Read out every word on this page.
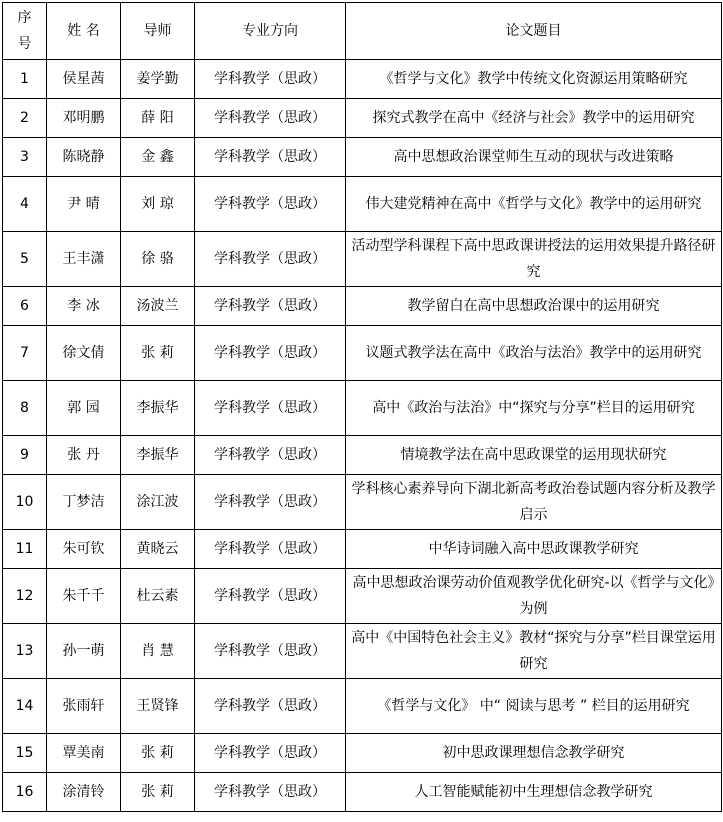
序号	姓 名	导师	专业方向	论文题目
1	侯星茜	姜学勤	学科教学（思政）	《哲学与文化》教学中传统文化资源运用策略研究
2	邓明鹏	薛 阳	学科教学（思政）	探究式教学在高中《经济与社会》教学中的运用研究
3	陈晓静	金 鑫	学科教学（思政）	高中思想政治课堂师生互动的现状与改进策略
4	尹 晴	刘 琼	学科教学（思政）	伟大建党精神在高中《哲学与文化》教学中的运用研究
5	王丰潇	徐 骆	学科教学（思政）	活动型学科课程下高中思政课讲授法的运用效果提升路径研究
6	李 冰	汤波兰	学科教学（思政）	教学留白在高中思想政治课中的运用研究
7	徐文倩	张 莉	学科教学（思政）	议题式教学法在高中《政治与法治》教学中的运用研究
8	郭 园	李振华	学科教学（思政）	高中《政治与法治》中“探究与分享”栏目的运用研究
9	张 丹	李振华	学科教学（思政）	情境教学法在高中思政课堂的运用现状研究
10	丁梦洁	涂江波	学科教学（思政）	学科核心素养导向下湖北新高考政治卷试题内容分析及教学启示
11	朱可钦	黄晓云	学科教学（思政）	中华诗词融入高中思政课教学研究
12	朱千千	杜云素	学科教学（思政）	高中思想政治课劳动价值观教学优化研究-以《哲学与文化》为例
13	孙一萌	肖 慧	学科教学（思政）	高中《中国特色社会主义》教材“探究与分享”栏目课堂运用研究
14	张雨轩	王贤锋	学科教学（思政）	《哲学与文化》 中“ 阅读与思考 ” 栏目的运用研究
15	覃美南	张 莉	学科教学（思政）	初中思政课理想信念教学研究
16	涂清铃	张 莉	学科教学（思政）	人工智能赋能初中生理想信念教学研究
